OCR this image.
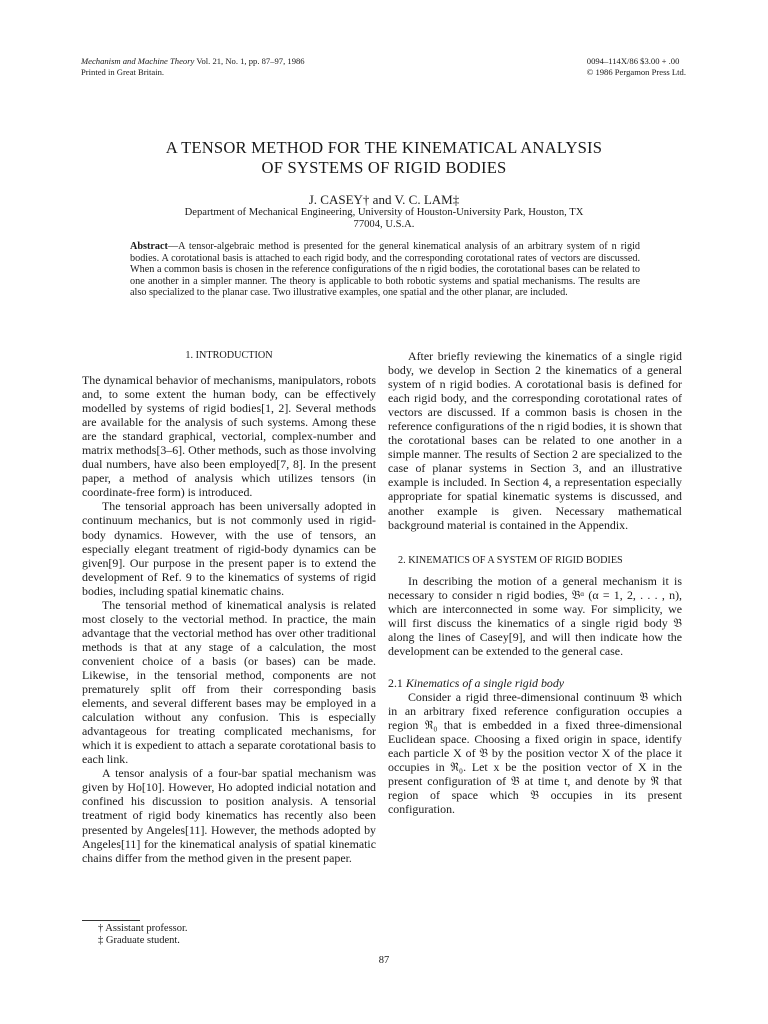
Mechanism and Machine Theory Vol. 21, No. 1, pp. 87–97, 1986
Printed in Great Britain.
0094–114X/86 $3.00 + .00
© 1986 Pergamon Press Ltd.
A TENSOR METHOD FOR THE KINEMATICAL ANALYSIS
OF SYSTEMS OF RIGID BODIES
J. CASEY† and V. C. LAM‡
Department of Mechanical Engineering, University of Houston-University Park, Houston, TX
77004, U.S.A.
Abstract—A tensor-algebraic method is presented for the general kinematical analysis of an arbitrary system of n rigid bodies. A corotational basis is attached to each rigid body, and the corresponding corotational rates of vectors are discussed. When a common basis is chosen in the reference configurations of the n rigid bodies, the corotational bases can be related to one another in a simpler manner. The theory is applicable to both robotic systems and spatial mechanisms. The results are also specialized to the planar case. Two illustrative examples, one spatial and the other planar, are included.
1. INTRODUCTION

The dynamical behavior of mechanisms, manipulators, robots and, to some extent the human body, can be effectively modelled by systems of rigid bodies[1, 2]. Several methods are available for the analysis of such systems. Among these are the standard graphical, vectorial, complex-number and matrix methods[3–6]. Other methods, such as those involving dual numbers, have also been employed[7, 8]. In the present paper, a method of analysis which utilizes tensors (in coordinate-free form) is introduced.

The tensorial approach has been universally adopted in continuum mechanics, but is not commonly used in rigid-body dynamics. However, with the use of tensors, an especially elegant treatment of rigid-body dynamics can be given[9]. Our purpose in the present paper is to extend the development of Ref. 9 to the kinematics of systems of rigid bodies, including spatial kinematic chains.

The tensorial method of kinematical analysis is related most closely to the vectorial method. In practice, the main advantage that the vectorial method has over other traditional methods is that at any stage of a calculation, the most convenient choice of a basis (or bases) can be made. Likewise, in the tensorial method, components are not prematurely split off from their corresponding basis elements, and several different bases may be employed in a calculation without any confusion. This is especially advantageous for treating complicated mechanisms, for which it is expedient to attach a separate corotational basis to each link.

A tensor analysis of a four-bar spatial mechanism was given by Ho[10]. However, Ho adopted indicial notation and confined his discussion to position analysis. A tensorial treatment of rigid body kinematics has recently also been presented by Angeles[11]. However, the methods adopted by Angeles[11] for the kinematical analysis of spatial kinematic chains differ from the method given in the present paper.

After briefly reviewing the kinematics of a single rigid body, we develop in Section 2 the kinematics of a general system of n rigid bodies. A corotational basis is defined for each rigid body, and the corresponding corotational rates of vectors are discussed. If a common basis is chosen in the reference configurations of the n rigid bodies, it is shown that the corotational bases can be related to one another in a simple manner. The results of Section 2 are specialized to the case of planar systems in Section 3, and an illustrative example is included. In Section 4, a representation especially appropriate for spatial kinematic systems is discussed, and another example is given. Necessary mathematical background material is contained in the Appendix.

2. KINEMATICS OF A SYSTEM OF RIGID BODIES

In describing the motion of a general mechanism it is necessary to consider n rigid bodies, 𝔅ᵅ (α = 1, 2, . . . , n), which are interconnected in some way. For simplicity, we will first discuss the kinematics of a single rigid body 𝔅 along the lines of Casey[9], and will then indicate how the development can be extended to the general case.

2.1 Kinematics of a single rigid body

Consider a rigid three-dimensional continuum 𝔅 which in an arbitrary fixed reference configuration occupies a region ℜ₀ that is embedded in a fixed three-dimensional Euclidean space. Choosing a fixed origin in space, identify each particle X of 𝔅 by the position vector X of the place it occupies in ℜ₀. Let x be the position vector of X in the present configuration of 𝔅 at time t, and denote by ℜ that region of space which 𝔅 occupies in its present configuration.

† Assistant professor.
‡ Graduate student.
87
